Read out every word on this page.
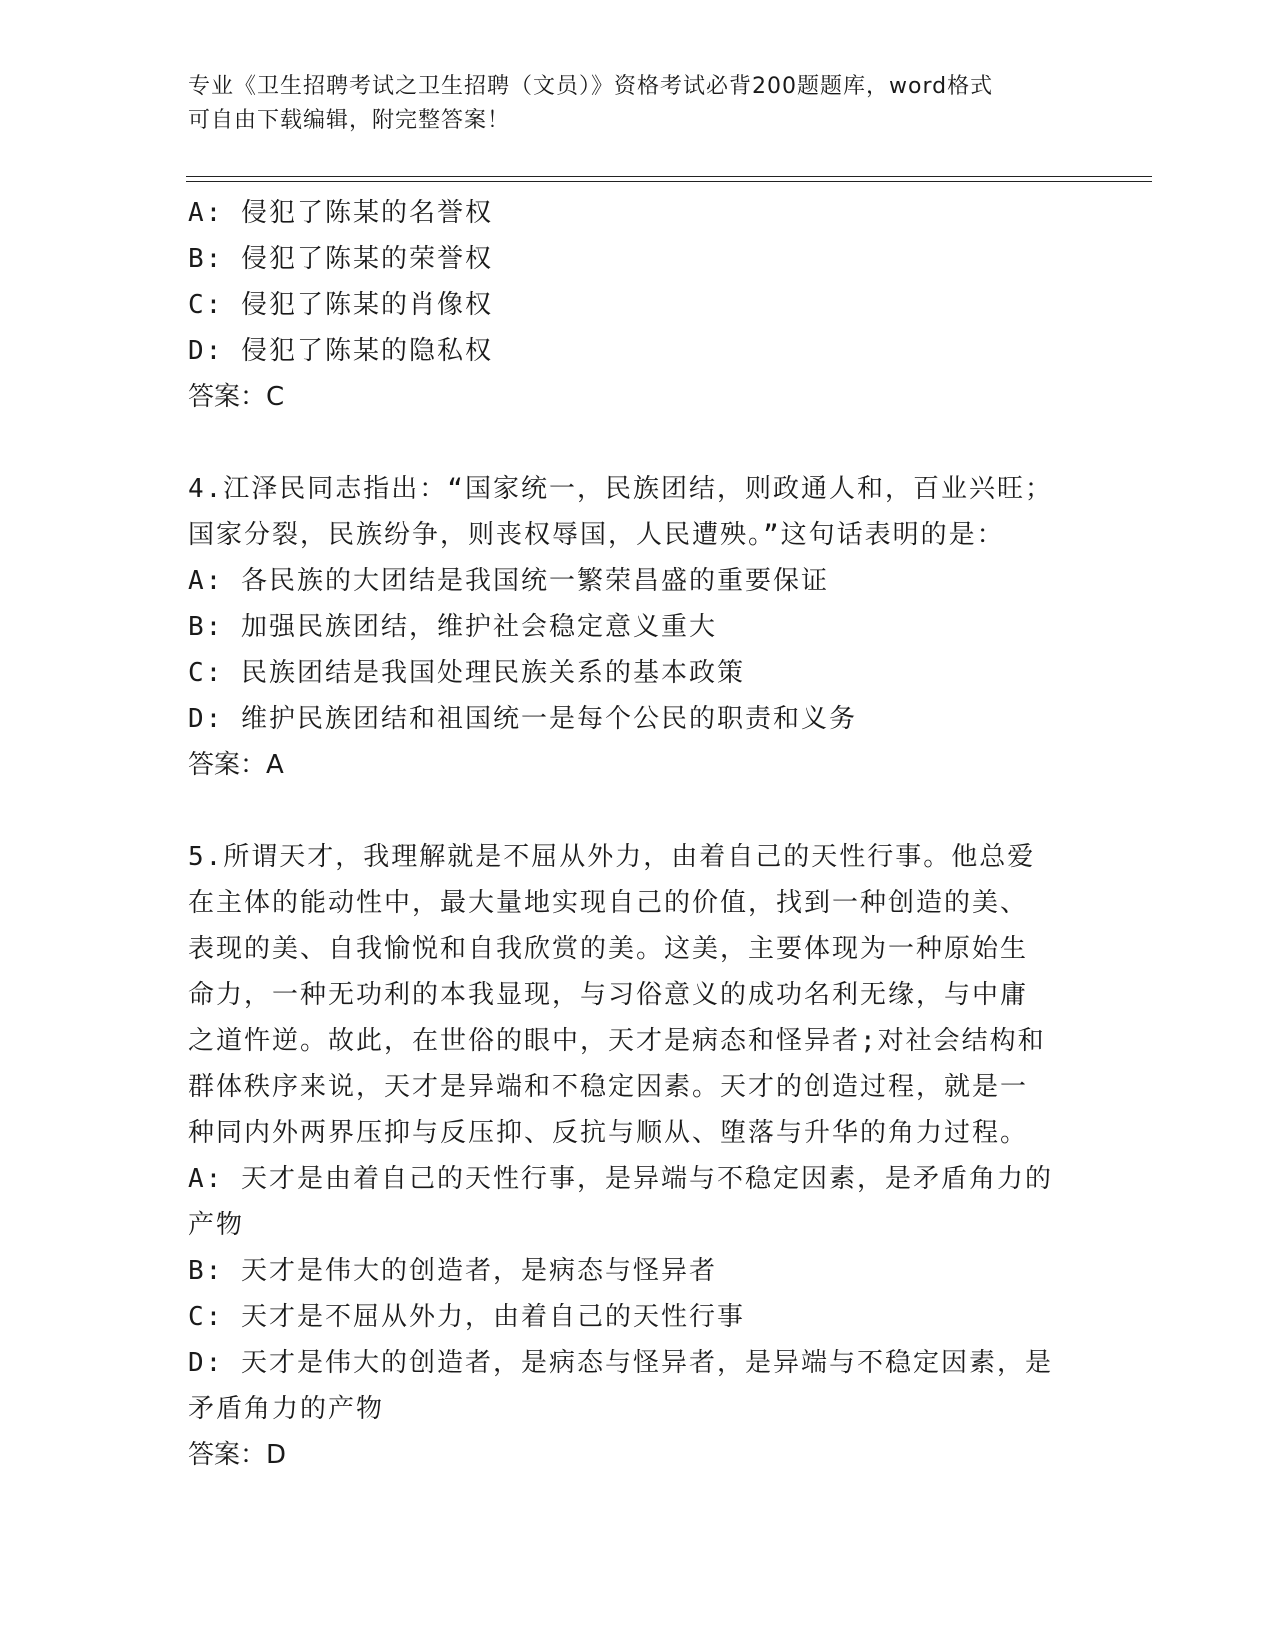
专业《卫生招聘考试之卫生招聘（文员）》资格考试必背200题题库，word格式
可自由下载编辑，附完整答案！
A: 侵犯了陈某的名誉权
B: 侵犯了陈某的荣誉权
C: 侵犯了陈某的肖像权
D: 侵犯了陈某的隐私权
答案：C
4.江泽民同志指出：“国家统一，民族团结，则政通人和，百业兴旺；
国家分裂，民族纷争，则丧权辱国，人民遭殃。”这句话表明的是：
A: 各民族的大团结是我国统一繁荣昌盛的重要保证
B: 加强民族团结，维护社会稳定意义重大
C: 民族团结是我国处理民族关系的基本政策
D: 维护民族团结和祖国统一是每个公民的职责和义务
答案：A
5.所谓天才，我理解就是不屈从外力，由着自己的天性行事。他总爱
在主体的能动性中，最大量地实现自己的价值，找到一种创造的美、
表现的美、自我愉悦和自我欣赏的美。这美，主要体现为一种原始生
命力，一种无功利的本我显现，与习俗意义的成功名利无缘，与中庸
之道忤逆。故此，在世俗的眼中，天才是病态和怪异者;对社会结构和
群体秩序来说，天才是异端和不稳定因素。天才的创造过程，就是一
种同内外两界压抑与反压抑、反抗与顺从、堕落与升华的角力过程。
A: 天才是由着自己的天性行事，是异端与不稳定因素，是矛盾角力的
产物
B: 天才是伟大的创造者，是病态与怪异者
C: 天才是不屈从外力，由着自己的天性行事
D: 天才是伟大的创造者，是病态与怪异者，是异端与不稳定因素，是
矛盾角力的产物
答案：D
